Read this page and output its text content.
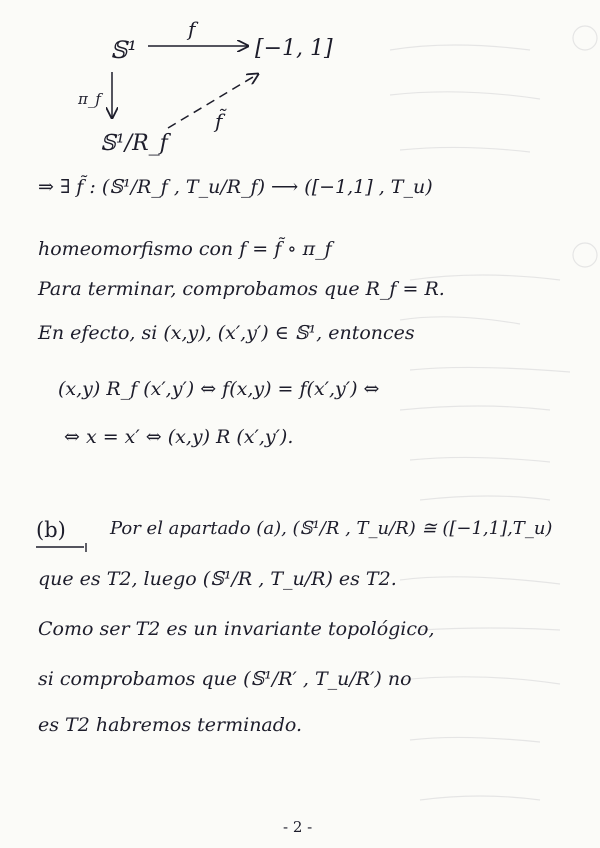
𝕊¹
f
[−1, 1]
π_f
𝕊¹/R_f
f̃
⇒ ∃ f̃ : (𝕊¹/R_f , T_u/R_f) ⟶ ([−1,1] , T_u)
homeomorfismo con f = f̃ ∘ π_f
Para terminar, comprobamos que R_f = R.
En efecto, si (x,y), (x′,y′) ∈ 𝕊¹, entonces
(x,y) R_f (x′,y′) ⇔ f(x,y) = f(x′,y′) ⇔
⇔ x = x′ ⇔ (x,y) R (x′,y′).
(b) Por el apartado (a), (𝕊¹/R , T_u/R) ≅ ([−1,1],T_u)
que es T2, luego (𝕊¹/R , T_u/R) es T2.
Como ser T2 es un invariante topológico,
si comprobamos que (𝕊¹/R′ , T_u/R′) no
es T2 habremos terminado.
- 2 -
